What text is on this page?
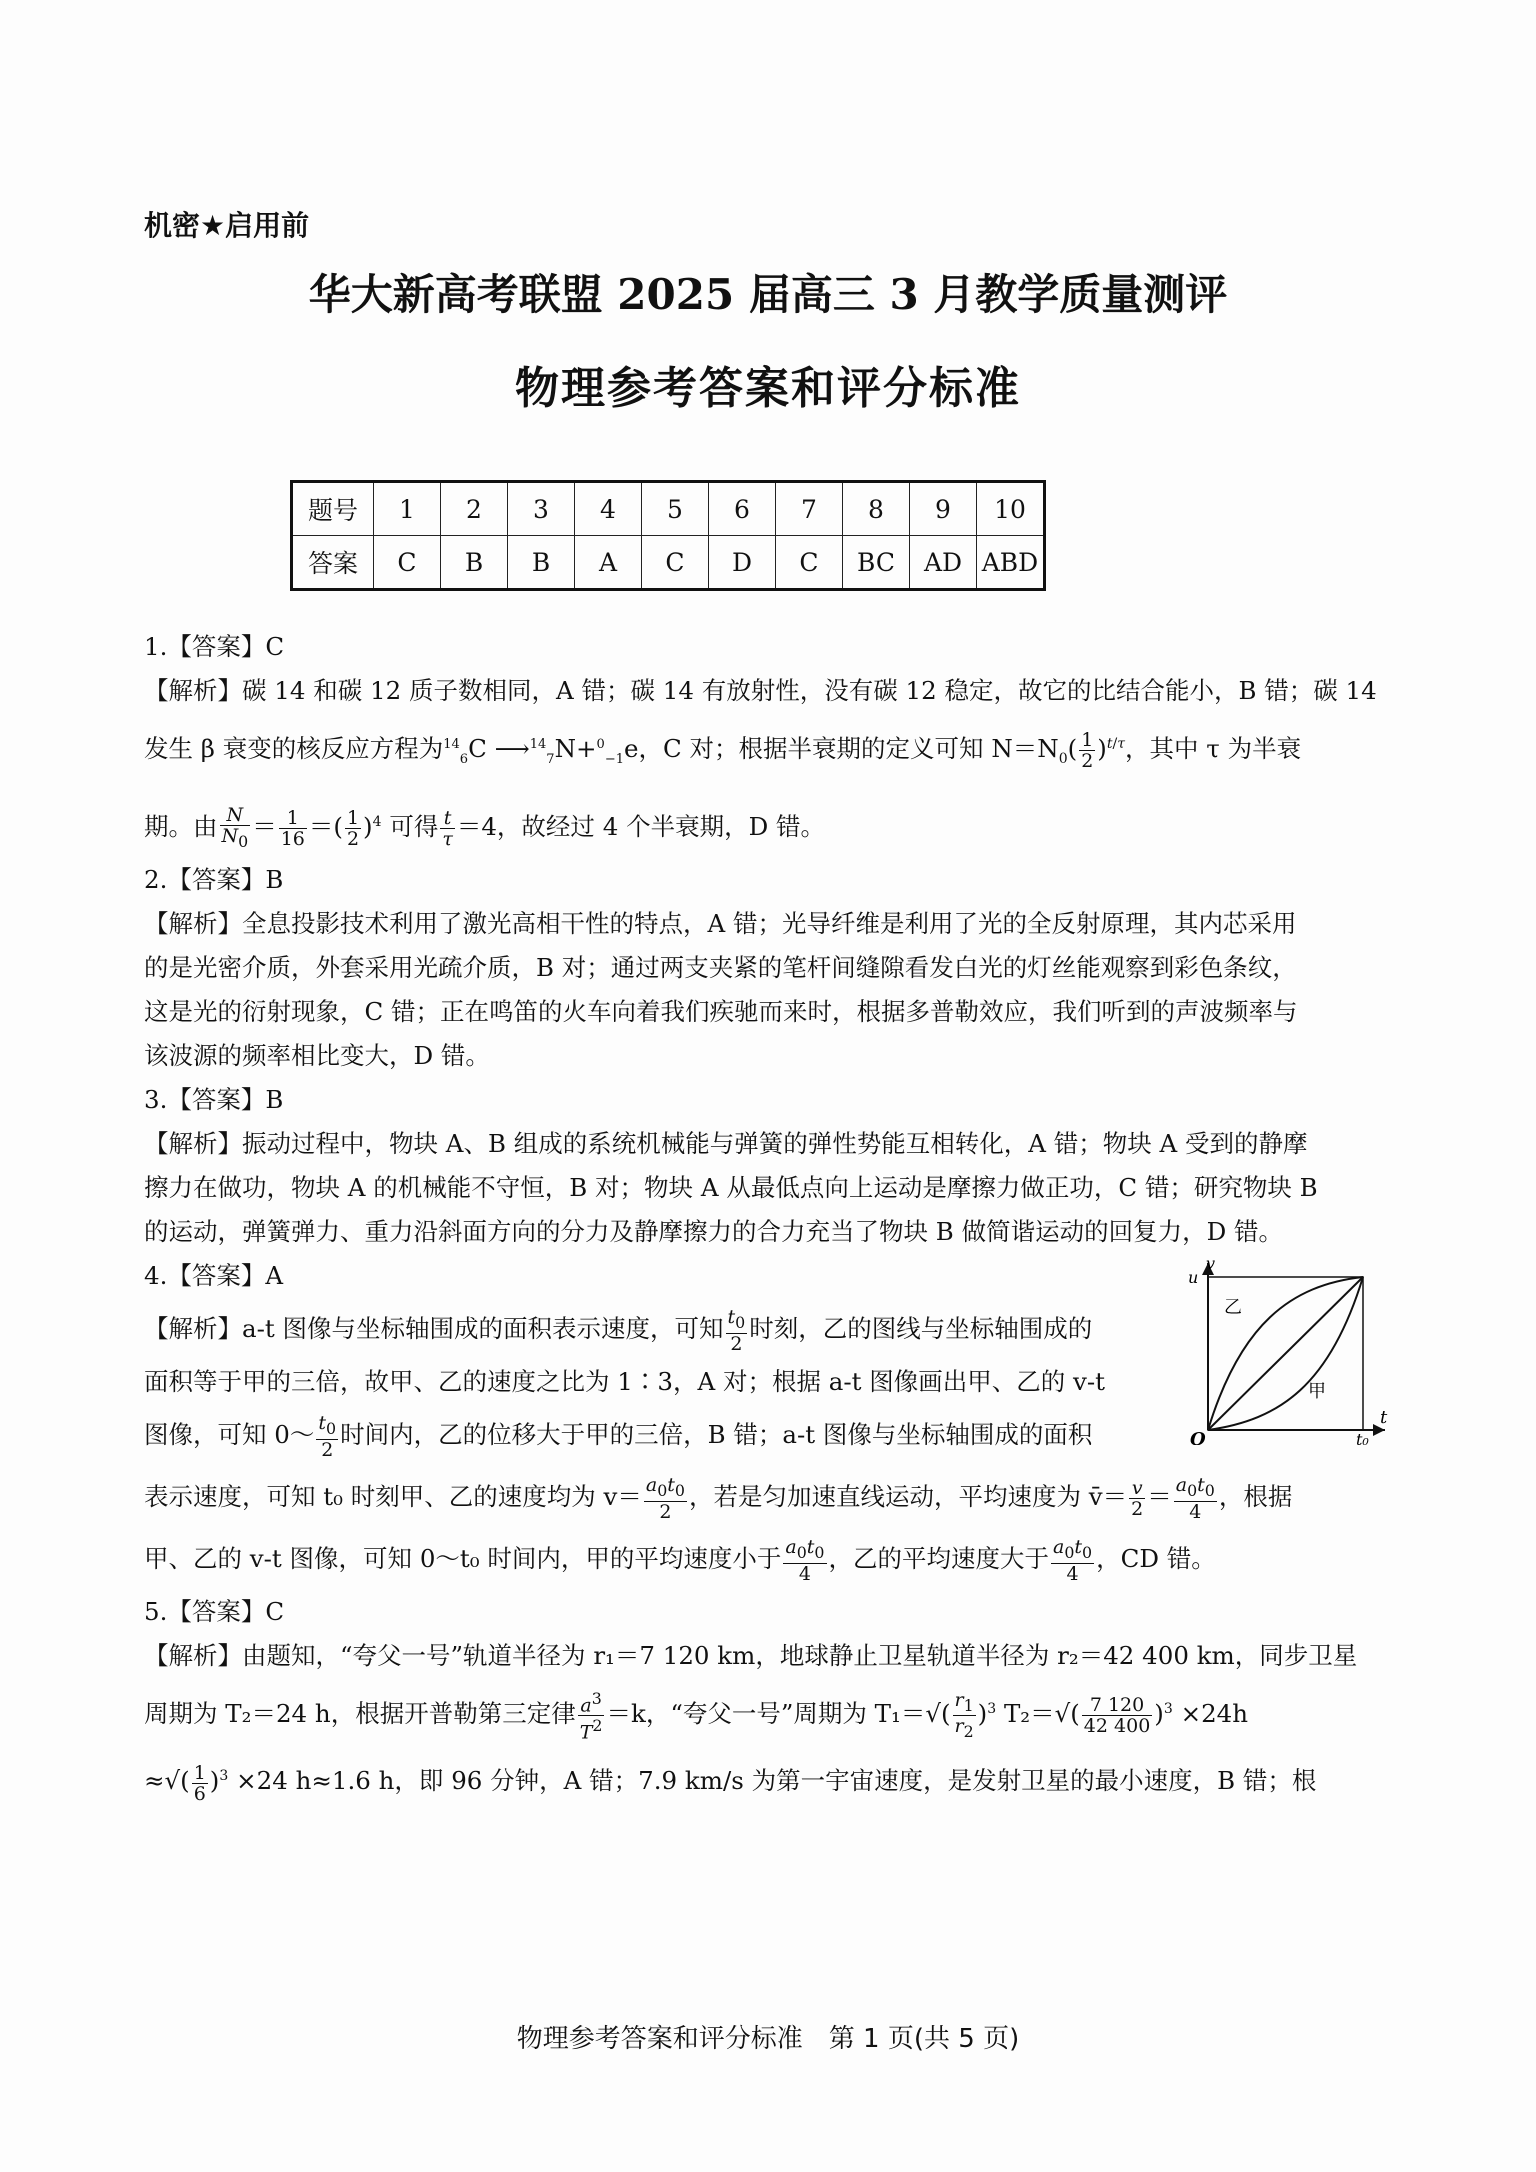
机密★启用前
华大新高考联盟 2025 届高三 3 月教学质量测评
物理参考答案和评分标准
题号	1	2	3	4	5	6	7	8	9	10
答案	C	B	B	A	C	D	C	BC	AD	ABD
1.【答案】C
【解析】碳 14 和碳 12 质子数相同，A 错；碳 14 有放射性，没有碳 12 稳定，故它的比结合能小，B 错；碳 14
发生 β 衰变的核反应方程为$^{14}_6$C ⟶$^{14}_7$N+$^0_{-1}$e，C 对；根据半衰期的定义可知 $N=N_0( \frac{1}{2} )^{t/\tau}$，其中 τ 为半衰
期。由 $\frac{N}{N_0} = \frac{1}{16}$ ＝( $\frac{1}{2} )^4$ 可得 $\frac{t}{\tau} =4$，故经过 4 个半衰期，D 错。
2.【答案】B
【解析】全息投影技术利用了激光高相干性的特点，A 错；光导纤维是利用了光的全反射原理，其内芯采用
的是光密介质，外套采用光疏介质，B 对；通过两支夹紧的笔杆间缝隙看发白光的灯丝能观察到彩色条纹，
这是光的衍射现象，C 错；正在鸣笛的火车向着我们疾驰而来时，根据多普勒效应，我们听到的声波频率与
该波源的频率相比变大，D 错。
3.【答案】B
【解析】振动过程中，物块 A、B 组成的系统机械能与弹簧的弹性势能互相转化，A 错；物块 A 受到的静摩
擦力在做功，物块 A 的机械能不守恒，B 对；物块 A 从最低点向上运动是摩擦力做正功，C 错；研究物块 B
的运动，弹簧弹力、重力沿斜面方向的分力及静摩擦力的合力充当了物块 B 做简谐运动的回复力，D 错。
4.【答案】A
【解析】a-t 图像与坐标轴围成的面积表示速度，可知 $\frac{t_0}{2}$ 时刻，乙的图线与坐标轴围成的
面积等于甲的三倍，故甲、乙的速度之比为 1∶3，A 对；根据 a-t 图像画出甲、乙的 v-t
图像，可知 0～ $\frac{t_0}{2}$ 时间内，乙的位移大于甲的三倍，B 错；a-t 图像与坐标轴围成的面积
表示速度，可知 t₀ 时刻甲、乙的速度均为 $v= \frac{a_0t_0}{2}$ ，若是匀加速直线运动，平均速度为 v̄＝ $\frac{v}{2} = \frac{a_0t_0}{4}$ ，根据
甲、乙的 v-t 图像，可知 0～t₀ 时间内，甲的平均速度小于 $\frac{a_0t_0}{4}$ ，乙的平均速度大于 $\frac{a_0t_0}{4}$ ，CD 错。
5.【答案】C
【解析】由题知，“夸父一号”轨道半径为 r₁＝7 120 km，地球静止卫星轨道半径为 r₂＝42 400 km，同步卫星
周期为 T₂＝24 h，根据开普勒第三定律 $\frac{a^3}{T^2} =k$，“夸父一号”周期为 $T_1=√( \frac{r_1}{r_2} )^3$ $T_2=√( \frac{7 120}{42 400} )^3 \times 24h$
≈√( $\frac{1}{6} )^3 \times 24$ h≈1.6 h，即 96 分钟，A 错；7.9 km/s 为第一宇宙速度，是发射卫星的最小速度，B 错；根
v
u
乙
甲
O
t
t₀
物理参考答案和评分标准　第 1 页(共 5 页)
